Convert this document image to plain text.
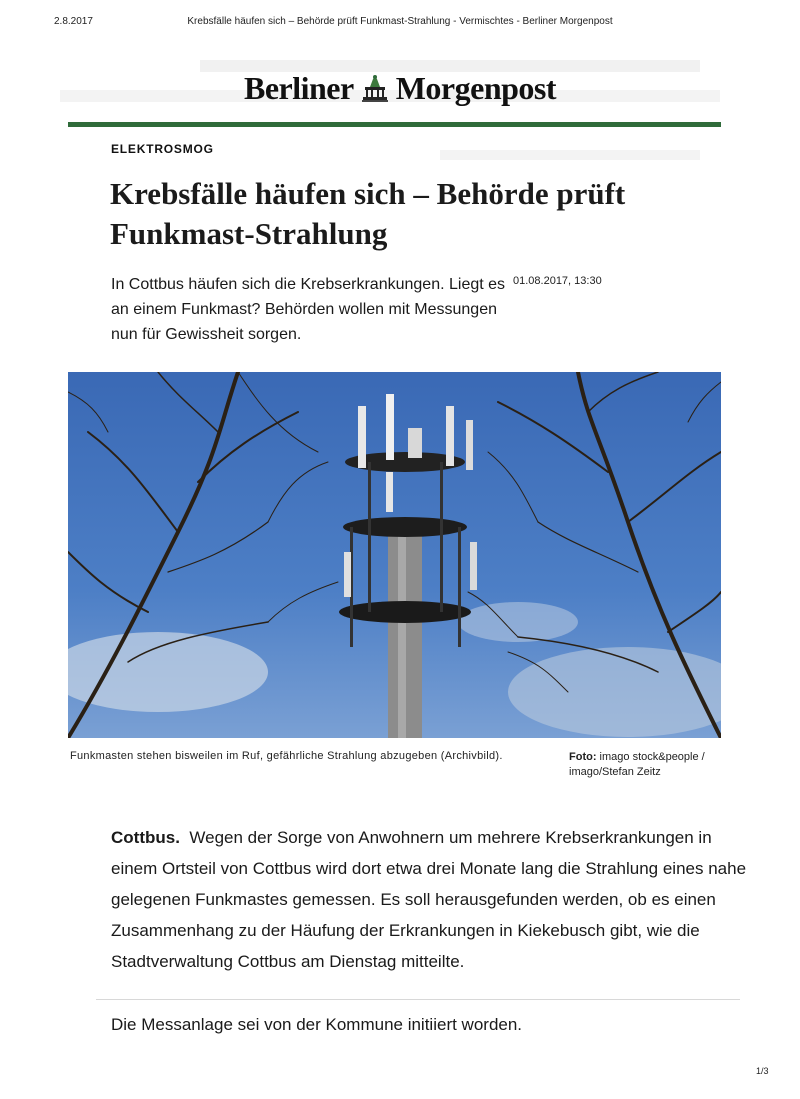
2.8.2017	Krebsfälle häufen sich – Behörde prüft Funkmast-Strahlung - Vermischtes - Berliner Morgenpost
Berliner Morgenpost
ELEKTROSMOG
Krebsfälle häufen sich – Behörde prüft Funkmast-Strahlung

In Cottbus häufen sich die Krebserkrankungen. Liegt es an einem Funkmast? Behörden wollen mit Messungen nun für Gewissheit sorgen.

01.08.2017, 13:30

Funkmasten stehen bisweilen im Ruf, gefährliche Strahlung abzugeben (Archivbild).	Foto: imago stock&people / imago/Stefan Zeitz

Cottbus. Wegen der Sorge von Anwohnern um mehrere Krebserkrankungen in einem Ortsteil von Cottbus wird dort etwa drei Monate lang die Strahlung eines nahe gelegenen Funkmastes gemessen. Es soll herausgefunden werden, ob es einen Zusammenhang zu der Häufung der Erkrankungen in Kiekebusch gibt, wie die Stadtverwaltung Cottbus am Dienstag mitteilte.

Die Messanlage sei von der Kommune initiiert worden.

1/3
